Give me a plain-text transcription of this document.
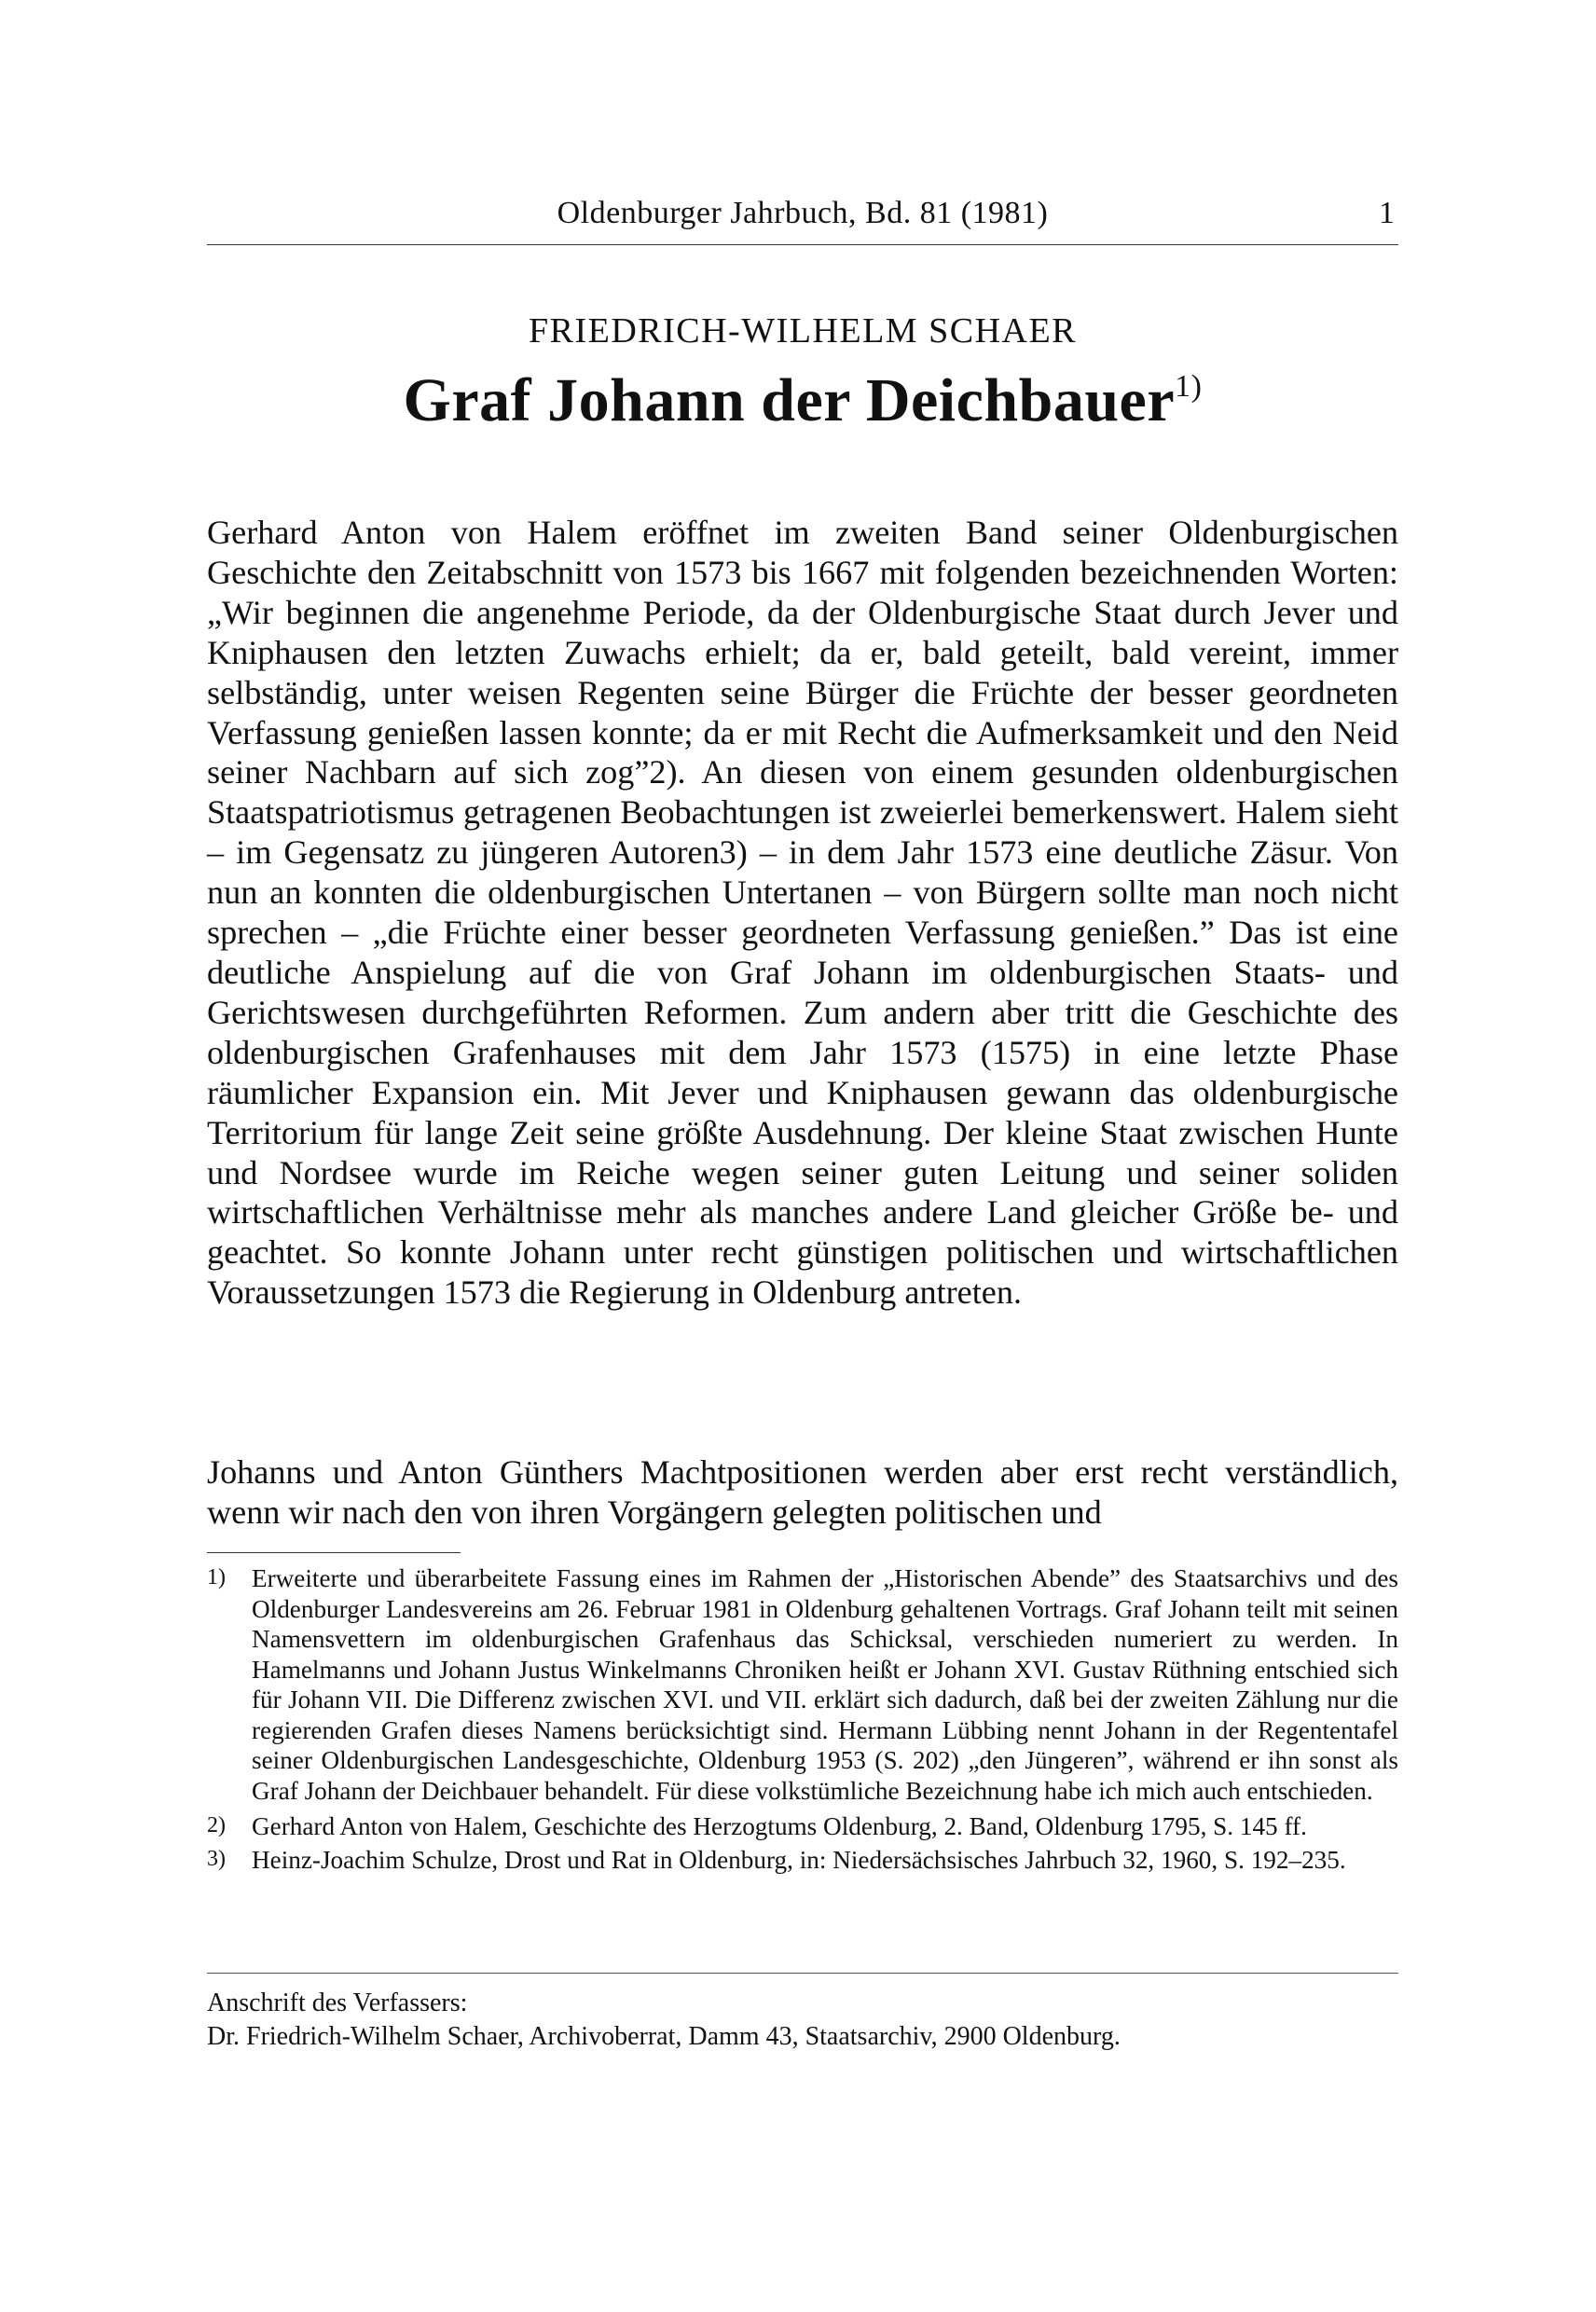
Oldenburger Jahrbuch, Bd. 81 (1981)	1
FRIEDRICH-WILHELM SCHAER
Graf Johann der Deichbauer$^{1)}$

Gerhard Anton von Halem eröffnet im zweiten Band seiner Oldenburgischen Geschichte den Zeitabschnitt von 1573 bis 1667 mit folgenden bezeichnenden Worten: „Wir beginnen die angenehme Periode, da der Oldenburgische Staat durch Jever und Kniphausen den letzten Zuwachs erhielt; da er, bald geteilt, bald vereint, immer selbständig, unter weisen Regenten seine Bürger die Früchte der besser geordneten Verfassung genießen lassen konnte; da er mit Recht die Aufmerksamkeit und den Neid seiner Nachbarn auf sich zog”2). An diesen von einem gesunden oldenburgischen Staatspatriotismus getragenen Beobachtungen ist zweierlei bemerkenswert. Halem sieht – im Gegensatz zu jüngeren Autoren3) – in dem Jahr 1573 eine deutliche Zäsur. Von nun an konnten die oldenburgischen Untertanen – von Bürgern sollte man noch nicht sprechen – „die Früchte einer besser geordneten Verfassung genießen.” Das ist eine deutliche Anspielung auf die von Graf Johann im oldenburgischen Staats- und Gerichtswesen durchgeführten Reformen. Zum andern aber tritt die Geschichte des oldenburgischen Grafenhauses mit dem Jahr 1573 (1575) in eine letzte Phase räumlicher Expansion ein. Mit Jever und Kniphausen gewann das oldenburgische Territorium für lange Zeit seine größte Ausdehnung. Der kleine Staat zwischen Hunte und Nordsee wurde im Reiche wegen seiner guten Leitung und seiner soliden wirtschaftlichen Verhältnisse mehr als manches andere Land gleicher Größe be- und geachtet. So konnte Johann unter recht günstigen politischen und wirtschaftlichen Voraussetzungen 1573 die Regierung in Oldenburg antreten.

Johanns und Anton Günthers Machtpositionen werden aber erst recht verständlich, wenn wir nach den von ihren Vorgängern gelegten politischen und

1) Erweiterte und überarbeitete Fassung eines im Rahmen der „Historischen Abende” des Staatsarchivs und des Oldenburger Landesvereins am 26. Februar 1981 in Oldenburg gehaltenen Vortrags. Graf Johann teilt mit seinen Namensvettern im oldenburgischen Grafenhaus das Schicksal, verschieden numeriert zu werden. In Hamelmanns und Johann Justus Winkelmanns Chroniken heißt er Johann XVI. Gustav Rüthning entschied sich für Johann VII. Die Differenz zwischen XVI. und VII. erklärt sich dadurch, daß bei der zweiten Zählung nur die regierenden Grafen dieses Namens berücksichtigt sind. Hermann Lübbing nennt Johann in der Regententafel seiner Oldenburgischen Landesgeschichte, Oldenburg 1953 (S. 202) „den Jüngeren”, während er ihn sonst als Graf Johann der Deichbauer behandelt. Für diese volkstümliche Bezeichnung habe ich mich auch entschieden.
2) Gerhard Anton von Halem, Geschichte des Herzogtums Oldenburg, 2. Band, Oldenburg 1795, S. 145 ff.
3) Heinz-Joachim Schulze, Drost und Rat in Oldenburg, in: Niedersächsisches Jahrbuch 32, 1960, S. 192–235.
Anschrift des Verfassers:
Dr. Friedrich-Wilhelm Schaer, Archivoberrat, Damm 43, Staatsarchiv, 2900 Oldenburg.
